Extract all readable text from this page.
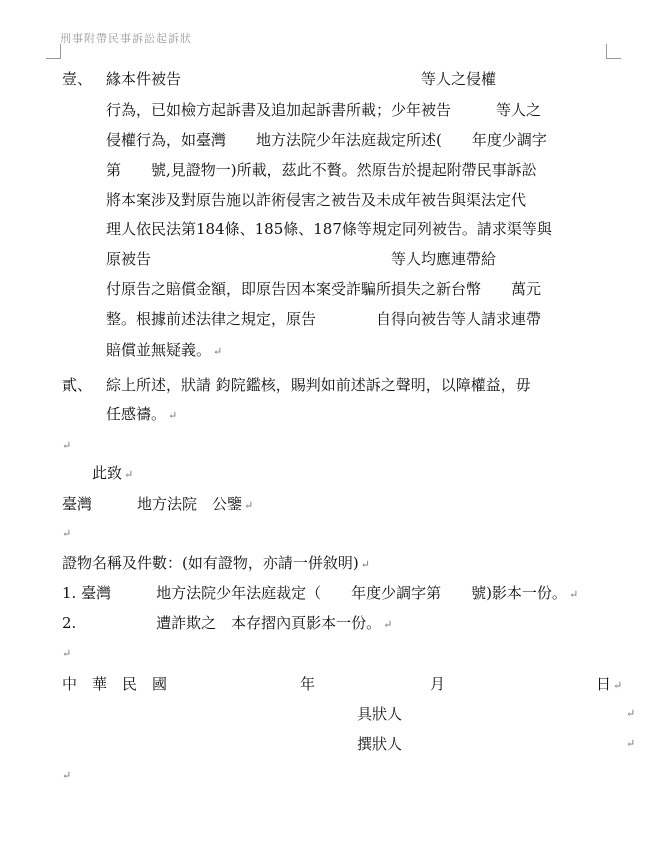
刑事附帶民事訴訟起訴狀
壹、 緣本件被告　　　　　　　　　　　　　　　　等人之侵權
行為，已如檢方起訴書及追加起訴書所載；少年被告　　　等人之
侵權行為，如臺灣　　地方法院少年法庭裁定所述(　　年度少調字
第　　號,見證物一)所載，茲此不贅。然原告於提起附帶民事訴訟
將本案涉及對原告施以詐術侵害之被告及未成年被告與渠法定代
理人依民法第184條、185條、187條等規定同列被告。請求渠等與
原被告　　　　　　　　　　　　　　　　等人均應連帶給
付原告之賠償金額，即原告因本案受詐騙所損失之新台幣　　萬元
整。根據前述法律之規定，原告　　　　自得向被告等人請求連帶
賠償並無疑義。 ↵
貳、 綜上所述，狀請 鈞院鑑核，賜判如前述訴之聲明，以障權益，毋
任感禱。 ↵
↵
此致 ↵
臺灣　　　地方法院　公鑒 ↵
↵
證物名稱及件數：(如有證物，亦請一併敘明) ↵
1. 臺灣　　　地方法院少年法庭裁定（　　年度少調字第　　號)影本一份。 ↵
2.　　　　　 遭詐欺之　本存摺內頁影本一份。 ↵
↵
中　華　民　國	年	月	日 ↵
具狀人	↵
撰狀人	↵
↵
